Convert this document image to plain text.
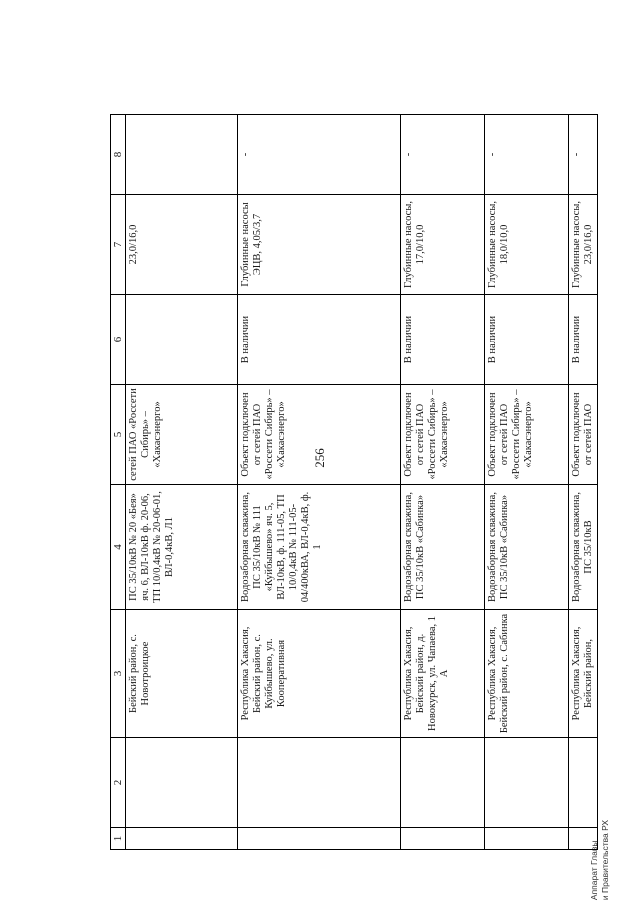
256
Аппарат Главы и Правительства РХ
1	2	3	4	5	6	7	8
		Бейский район, с. Новотроицкое	ПС 35/10кВ № 20 «Бея» яч. 6, ВЛ-10кВ ф. 20-06, ТП 10/0,4кВ № 20-06-01, ВЛ-0,4кВ, Л1	сетей ПАО «Россети Сибирь» – «Хакасэнерго»		23,0/16,0	
		Республика Хакасия, Бейский район, с. Куйбышево, ул. Кооперативная	Водозаборная скважина, ПС 35/10кВ № 111 «Куйбышево» яч. 5, ВЛ-10кВ, ф. 111-05, ТП 10/0,4кВ № 111-05-04/400кВА, ВЛ-0,4кВ, ф. 1	Объект подключен от сетей ПАО «Россети Сибирь» – «Хакасэнерго»	В наличии	Глубинные насосы ЭЦВ, 4,05/3,7	-
		Республика Хакасия, Бейский район, д. Новокурск, ул. Чапаева, 1 А	Водозаборная скважина, ПС 35/10кВ «Сабинка»	Объект подключен от сетей ПАО «Россети Сибирь» – «Хакасэнерго»	В наличии	Глубинные насосы, 17,0/10,0	-
		Республика Хакасия, Бейский район, с. Сабинка	Водозаборная скважина, ПС 35/10кВ «Сабинка»	Объект подключен от сетей ПАО «Россети Сибирь» – «Хакасэнерго»	В наличии	Глубинные насосы, 18,0/10,0	-
		Республика Хакасия, Бейский район,	Водозаборная скважина, ПС 35/10кВ	Объект подключен от сетей ПАО	В наличии	Глубинные насосы, 23,0/16,0	-
